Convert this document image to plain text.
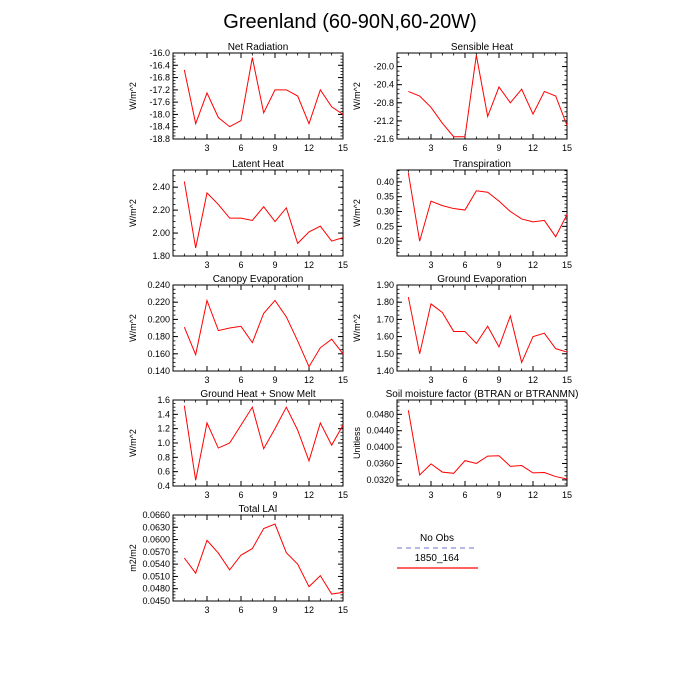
Greenland (60-90N,60-20W)
Net Radiation
W/m^2
3	6	9	12	15
-16.0
-16.4
-16.8
-17.2
-17.6
-18.0
-18.4
-18.8
Sensible Heat
W/m^2
3	6	9	12	15
-20.0
-20.4
-20.8
-21.2
-21.6
Latent Heat
W/m^2
3	6	9	12	15
2.40
2.20
2.00
1.80
Transpiration
W/m^2
3	6	9	12	15
0.40
0.35
0.30
0.25
0.20
Canopy Evaporation
W/m^2
3	6	9	12	15
0.240
0.220
0.200
0.180
0.160
0.140
Ground Evaporation
W/m^2
3	6	9	12	15
1.90
1.80
1.70
1.60
1.50
1.40
Ground Heat + Snow Melt
W/m^2
3	6	9	12	15
1.6
1.4
1.2
1.0
0.8
0.6
0.4
Soil moisture factor (BTRAN or BTRANMN)
Unitless
3	6	9	12	15
0.0480
0.0440
0.0400
0.0360
0.0320
Total LAI
m2/m2
3	6	9	12	15
0.0660
0.0630
0.0600
0.0570
0.0540
0.0510
0.0480
0.0450
No Obs
1850_164
